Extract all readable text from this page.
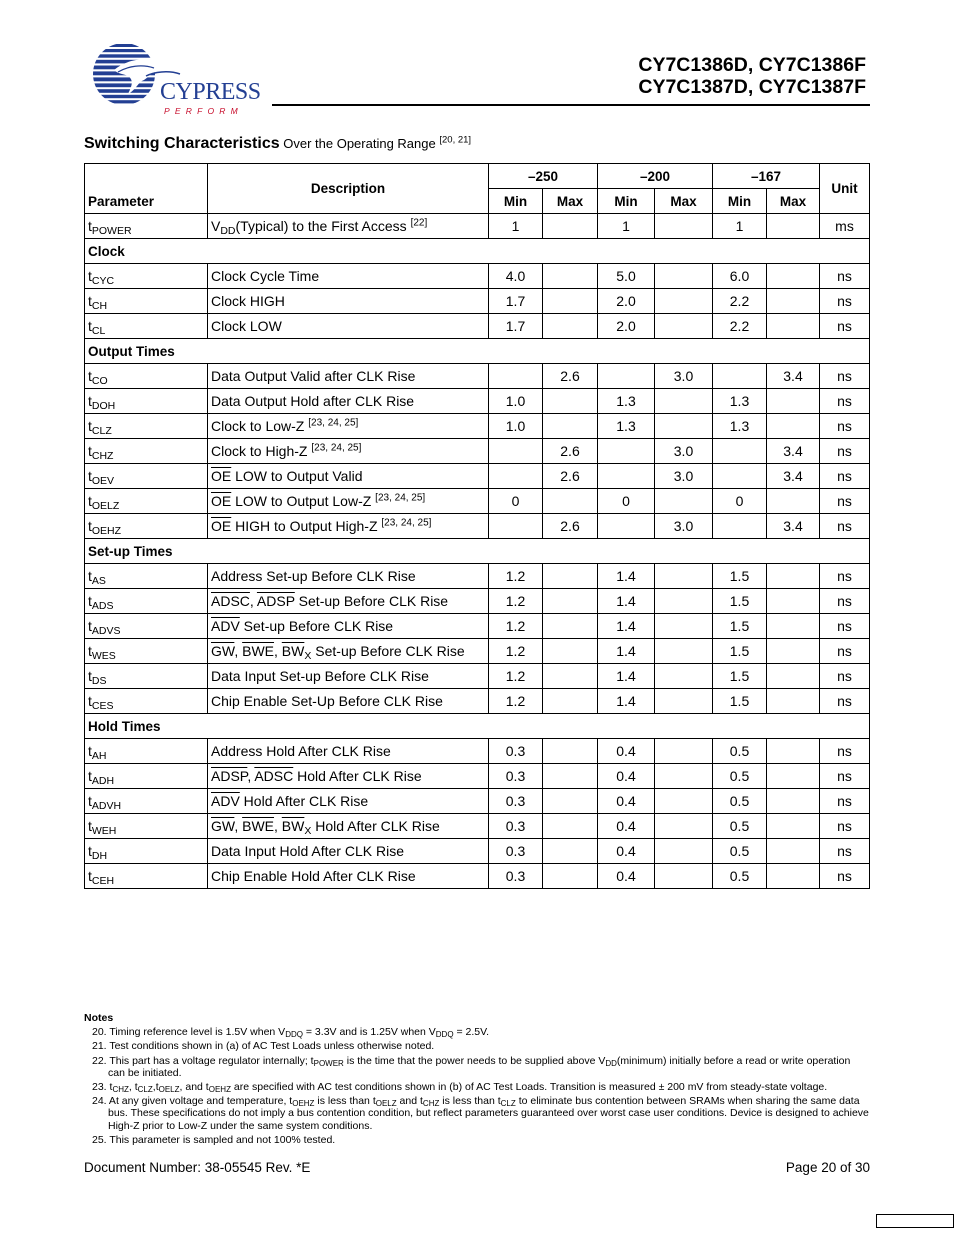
CYPRESS
PERFORM
CY7C1386D, CY7C1386F
CY7C1387D, CY7C1387F
Switching Characteristics Over the Operating Range [20, 21]
Parameter	Description	–250		–200		–167		Unit
		Min	Max	Min	Max	Min	Max	
$t_{POWER}$	$V_{DD}(Typical)$ to the First Access [22]	1		1		1		ms
Clock								
$t_{CYC}$	Clock Cycle Time	4.0		5.0		6.0		ns
$t_{CH}$	Clock HIGH	1.7		2.0		2.2		ns
$t_{CL}$	Clock LOW	1.7		2.0		2.2		ns
Output Times								
$t_{CO}$	Data Output Valid after CLK Rise		2.6		3.0		3.4	ns
$t_{DOH}$	Data Output Hold after CLK Rise	1.0		1.3		1.3		ns
$t_{CLZ}$	Clock to Low-Z [23, 24, 25]	1.0		1.3		1.3		ns
$t_{CHZ}$	Clock to High-Z [23, 24, 25]		2.6		3.0		3.4	ns
$t_{OEV}$	$\overline{OE}$ LOW to Output Valid		2.6		3.0		3.4	ns
$t_{OELZ}$	$\overline{OE}$ LOW to Output Low-Z [23, 24, 25]	0		0		0		ns
$t_{OEHZ}$	$\overline{OE}$ HIGH to Output High-Z [23, 24, 25]		2.6		3.0		3.4	ns
Set-up Times								
$t_{AS}$	Address Set-up Before CLK Rise	1.2		1.4		1.5		ns
$t_{ADS}$	ADSC, ADSP Set-up Before CLK Rise	1.2		1.4		1.5		ns
$t_{ADVS}$	$\overline{ADV}$ Set-up Before CLK Rise	1.2		1.4		1.5		ns
$t_{WES}$	$\overline{GW}$, $\overline{BWE}$, $\overline{BW}_X$ Set-up Before CLK Rise	1.2		1.4		1.5		ns
$t_{DS}$	Data Input Set-up Before CLK Rise	1.2		1.4		1.5		ns
$t_{CES}$	Chip Enable Set-Up Before CLK Rise	1.2		1.4		1.5		ns
Hold Times								
$t_{AH}$	Address Hold After CLK Rise	0.3		0.4		0.5		ns
$t_{ADH}$	ADSP, ADSC Hold After CLK Rise	0.3		0.4		0.5		ns
$t_{ADVH}$	$\overline{ADV}$ Hold After CLK Rise	0.3		0.4		0.5		ns
$t_{WEH}$	$\overline{GW}$, $\overline{BWE}$, $\overline{BW}_X$ Hold After CLK Rise	0.3		0.4		0.5		ns
$t_{DH}$	Data Input Hold After CLK Rise	0.3		0.4		0.5		ns
$t_{CEH}$	Chip Enable Hold After CLK Rise	0.3		0.4		0.5		ns
Notes
20. Timing reference level is 1.5V when $V_{DDQ} = 3.3V$ and is 1.25V when $V_{DDQ} = 2.5V$.
21. Test conditions shown in (a) of AC Test Loads unless otherwise noted.
22. This part has a voltage regulator internally; $t_{POWER}$ is the time that the power needs to be supplied above $V_{DD}(minimum)$ initially before a read or write operation can be initiated.
23. $t_{CHZ}$, $t_{CLZ},t_{OELZ}$, and $t_{OEHZ}$ are specified with AC test conditions shown in (b) of AC Test Loads. Transition is measured ± 200 mV from steady-state voltage.
24. At any given voltage and temperature, $t_{OEHZ}$ is less than $t_{OELZ}$ and $t_{CHZ}$ is less than $t_{CLZ}$ to eliminate bus contention between SRAMs when sharing the same data bus. These specifications do not imply a bus contention condition, but reflect parameters guaranteed over worst case user conditions. Device is designed to achieve High-Z prior to Low-Z under the same system conditions.
25. This parameter is sampled and not 100% tested.
Document Number: 38-05545 Rev. *E	Page 20 of 30
